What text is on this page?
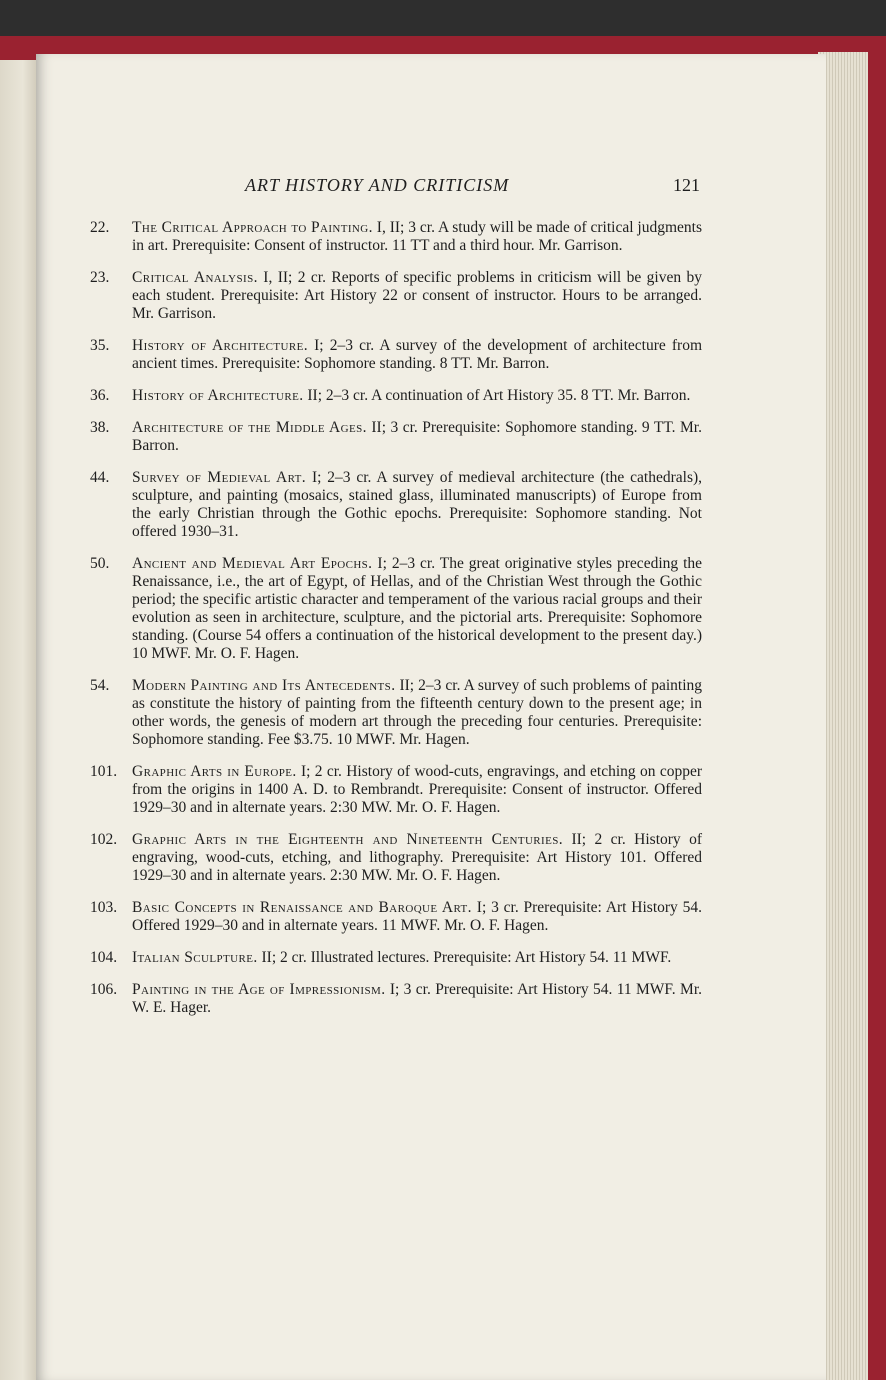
ART HISTORY AND CRITICISM	121
22.	The Critical Approach to Painting. I, II; 3 cr. A study will be made of critical judgments in art. Prerequisite: Consent of instructor. 11 TT and a third hour. Mr. Garrison.
23.	Critical Analysis. I, II; 2 cr. Reports of specific problems in criticism will be given by each student. Prerequisite: Art History 22 or consent of instructor. Hours to be arranged. Mr. Garrison.
35.	History of Architecture. I; 2–3 cr. A survey of the development of architecture from ancient times. Prerequisite: Sophomore standing. 8 TT. Mr. Barron.
36.	History of Architecture. II; 2–3 cr. A continuation of Art History 35. 8 TT. Mr. Barron.
38.	Architecture of the Middle Ages. II; 3 cr. Prerequisite: Sophomore standing. 9 TT. Mr. Barron.
44.	Survey of Medieval Art. I; 2–3 cr. A survey of medieval architecture (the cathedrals), sculpture, and painting (mosaics, stained glass, illuminated manuscripts) of Europe from the early Christian through the Gothic epochs. Prerequisite: Sophomore standing. Not offered 1930–31.
50.	Ancient and Medieval Art Epochs. I; 2–3 cr. The great originative styles preceding the Renaissance, i.e., the art of Egypt, of Hellas, and of the Christian West through the Gothic period; the specific artistic character and temperament of the various racial groups and their evolution as seen in architecture, sculpture, and the pictorial arts. Prerequisite: Sophomore standing. (Course 54 offers a continuation of the historical development to the present day.) 10 MWF. Mr. O. F. Hagen.
54.	Modern Painting and Its Antecedents. II; 2–3 cr. A survey of such problems of painting as constitute the history of painting from the fifteenth century down to the present age; in other words, the genesis of modern art through the preceding four centuries. Prerequisite: Sophomore standing. Fee $3.75. 10 MWF. Mr. Hagen.
101. Graphic Arts in Europe. I; 2 cr. History of wood-cuts, engravings, and etching on copper from the origins in 1400 A. D. to Rembrandt. Prerequisite: Consent of instructor. Offered 1929–30 and in alternate years. 2:30 MW. Mr. O. F. Hagen.
102. Graphic Arts in the Eighteenth and Nineteenth Centuries. II; 2 cr. History of engraving, wood-cuts, etching, and lithography. Prerequisite: Art History 101. Offered 1929–30 and in alternate years. 2:30 MW. Mr. O. F. Hagen.
103. Basic Concepts in Renaissance and Baroque Art. I; 3 cr. Prerequisite: Art History 54. Offered 1929–30 and in alternate years. 11 MWF. Mr. O. F. Hagen.
104. Italian Sculpture. II; 2 cr. Illustrated lectures. Prerequisite: Art History 54. 11 MWF.
106. Painting in the Age of Impressionism. I; 3 cr. Prerequisite: Art History 54. 11 MWF. Mr. W. E. Hager.
